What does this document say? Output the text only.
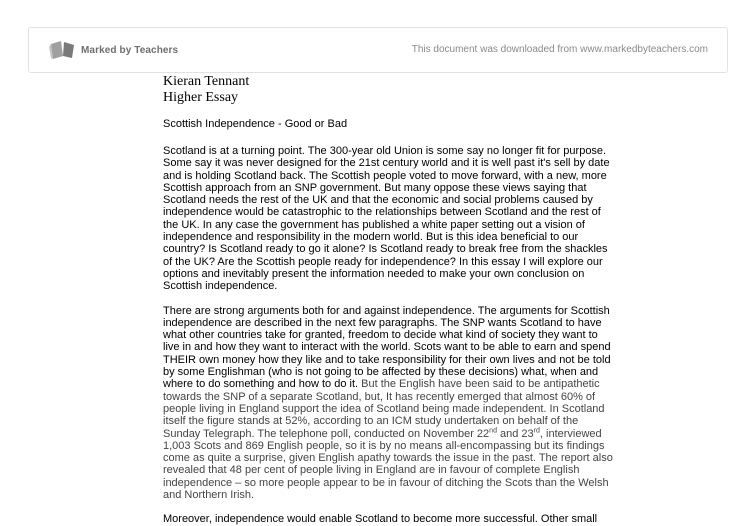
Marked by Teachers	This document was downloaded from www.markedbyteachers.com
Kieran Tennant
Higher Essay
Scottish Independence - Good or Bad

Scotland is at a turning point. The 300-year old Union is some say no longer fit for purpose. Some say it was never designed for the 21st century world and it is well past it's sell by date and is holding Scotland back. The Scottish people voted to move forward, with a new, more Scottish approach from an SNP government. But many oppose these views saying that Scotland needs the rest of the UK and that the economic and social problems caused by independence would be catastrophic to the relationships between Scotland and the rest of the UK. In any case the government has published a white paper setting out a vision of independence and responsibility in the modern world. But is this idea beneficial to our country? Is Scotland ready to go it alone? Is Scotland ready to break free from the shackles of the UK? Are the Scottish people ready for independence? In this essay I will explore our options and inevitably present the information needed to make your own conclusion on Scottish independence.

There are strong arguments both for and against independence. The arguments for Scottish independence are described in the next few paragraphs. The SNP wants Scotland to have what other countries take for granted, freedom to decide what kind of society they want to live in and how they want to interact with the world. Scots want to be able to earn and spend THEIR own money how they like and to take responsibility for their own lives and not be told by some Englishman (who is not going to be affected by these decisions) what, when and where to do something and how to do it. But the English have been said to be antipathetic towards the SNP of a separate Scotland, but, It has recently emerged that almost 60% of people living in England support the idea of Scotland being made independent. In Scotland itself the figure stands at 52%, according to an ICM study undertaken on behalf of the Sunday Telegraph. The telephone poll, conducted on November 22nd and 23rd, interviewed 1,003 Scots and 869 English people, so it is by no means all-encompassing but its findings come as quite a surprise, given English apathy towards the issue in the past. The report also revealed that 48 per cent of people living in England are in favour of complete English independence – so more people appear to be in favour of ditching the Scots than the Welsh and Northern Irish.

Moreover, independence would enable Scotland to become more successful. Other small
